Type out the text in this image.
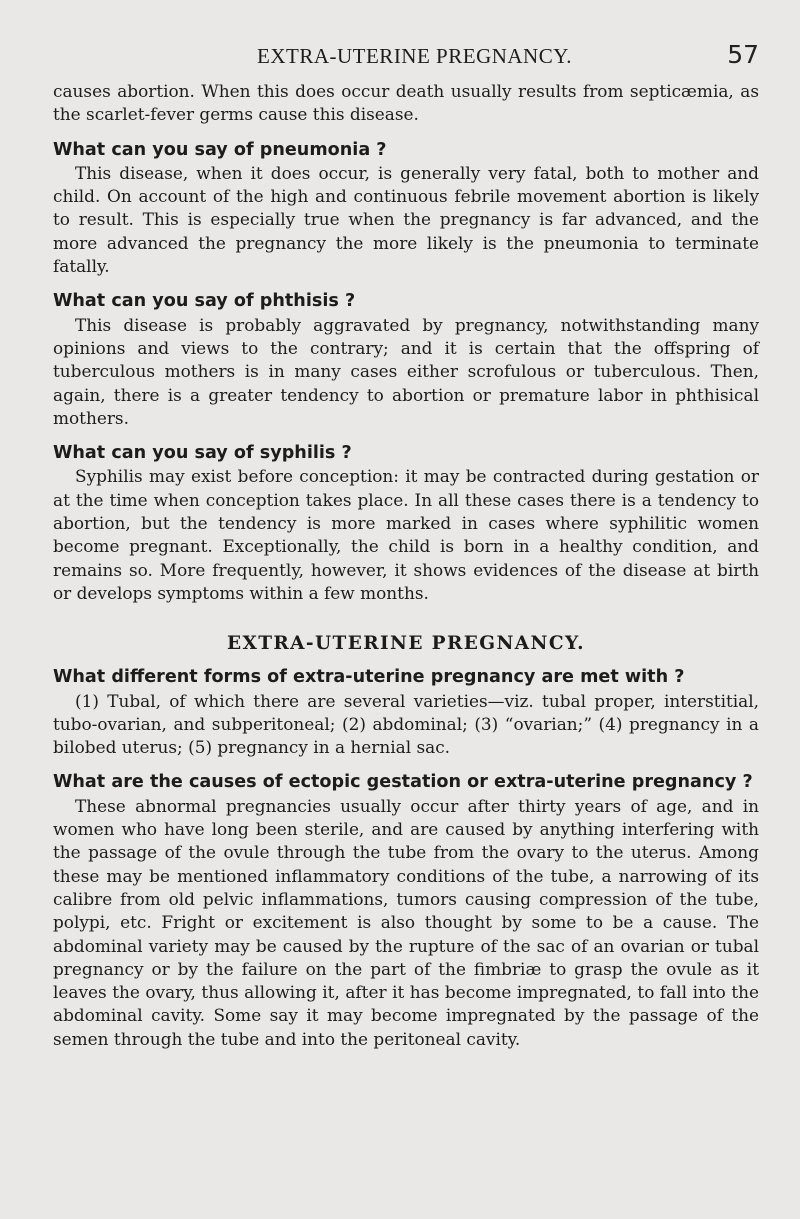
EXTRA-UTERINE PREGNANCY.	57

causes abortion. When this does occur death usually results from septicæmia, as the scarlet-fever germs cause this disease.

What can you say of pneumonia ?

This disease, when it does occur, is generally very fatal, both to mother and child. On account of the high and continuous febrile movement abortion is likely to result. This is especially true when the pregnancy is far advanced, and the more advanced the pregnancy the more likely is the pneumonia to terminate fatally.

What can you say of phthisis ?

This disease is probably aggravated by pregnancy, notwithstanding many opinions and views to the contrary; and it is certain that the offspring of tuberculous mothers is in many cases either scrofulous or tuberculous. Then, again, there is a greater tendency to abortion or premature labor in phthisical mothers.

What can you say of syphilis ?

Syphilis may exist before conception: it may be contracted during gestation or at the time when conception takes place. In all these cases there is a tendency to abortion, but the tendency is more marked in cases where syphilitic women become pregnant. Exceptionally, the child is born in a healthy condition, and remains so. More frequently, however, it shows evidences of the disease at birth or develops symptoms within a few months.

EXTRA-UTERINE PREGNANCY.

What different forms of extra-uterine pregnancy are met with ?

(1) Tubal, of which there are several varieties—viz. tubal proper, interstitial, tubo-ovarian, and subperitoneal; (2) abdominal; (3) “ovarian;” (4) pregnancy in a bilobed uterus; (5) pregnancy in a hernial sac.

What are the causes of ectopic gestation or extra-uterine pregnancy ?

These abnormal pregnancies usually occur after thirty years of age, and in women who have long been sterile, and are caused by anything interfering with the passage of the ovule through the tube from the ovary to the uterus. Among these may be mentioned inflammatory conditions of the tube, a narrowing of its calibre from old pelvic inflammations, tumors causing compression of the tube, polypi, etc. Fright or excitement is also thought by some to be a cause. The abdominal variety may be caused by the rupture of the sac of an ovarian or tubal pregnancy or by the failure on the part of the fimbriæ to grasp the ovule as it leaves the ovary, thus allowing it, after it has become impregnated, to fall into the abdominal cavity. Some say it may become impregnated by the passage of the semen through the tube and into the peritoneal cavity.
